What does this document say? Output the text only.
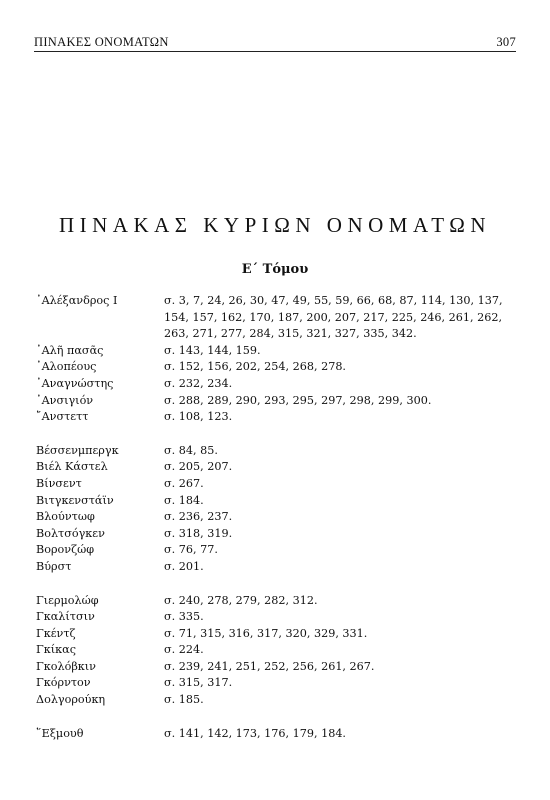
ΠΙΝΑΚΕΣ ΟΝΟΜΑΤΩΝ	307
ΠΙΝΑΚΑΣ ΚΥΡΙΩΝ ΟΝΟΜΑΤΩΝ
Ε΄ Τόμου
᾽Αλέξανδρος Ι	σ. 3, 7, 24, 26, 30, 47, 49, 55, 59, 66, 68, 87, 114, 130, 137, 154, 157, 162, 170, 187, 200, 207, 217, 225, 246, 261, 262, 263, 271, 277, 284, 315, 321, 327, 335, 342.
᾽Αλῆ πασᾶς	σ. 143, 144, 159.
᾽Αλοπέους	σ. 152, 156, 202, 254, 268, 278.
᾽Αναγνώστης	σ. 232, 234.
᾽Ανσιγιόν	σ. 288, 289, 290, 293, 295, 297, 298, 299, 300.
῎Ανστεττ	σ. 108, 123.
Βέσσενμπεργκ	σ. 84, 85.
Βιέλ Κάστελ	σ. 205, 207.
Βίνσεντ	σ. 267.
Βιτγκενστάϊν	σ. 184.
Βλούντωφ	σ. 236, 237.
Βολτσόγκεν	σ. 318, 319.
Βορονζώφ	σ. 76, 77.
Βύρστ	σ. 201.
Γιερμολώφ	σ. 240, 278, 279, 282, 312.
Γκαλίτσιν	σ. 335.
Γκέντζ	σ. 71, 315, 316, 317, 320, 329, 331.
Γκίκας	σ. 224.
Γκολόβκιν	σ. 239, 241, 251, 252, 256, 261, 267.
Γκόρντον	σ. 315, 317.
Δολγορούκη	σ. 185.
῞Εξμουθ	σ. 141, 142, 173, 176, 179, 184.
